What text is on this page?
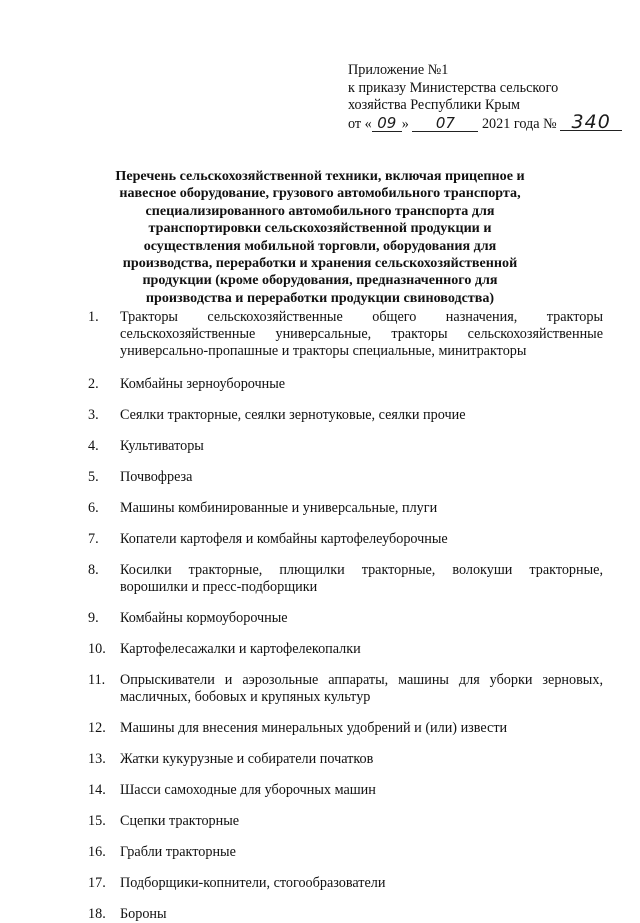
Приложение №1
к приказу Министерства сельского
хозяйства Республики Крым
от « 09 » 07 2021 года № 340
Перечень сельскохозяйственной техники, включая прицепное и навесное оборудование, грузового автомобильного транспорта, специализированного автомобильного транспорта для транспортировки сельскохозяйственной продукции и осуществления мобильной торговли, оборудования для производства, переработки и хранения сельскохозяйственной продукции (кроме оборудования, предназначенного для производства и переработки продукции свиноводства)
1.	Тракторы сельскохозяйственные общего назначения, тракторы сельскохозяйственные универсальные, тракторы сельскохозяйственные универсально-пропашные и тракторы специальные, минитракторы
2.	Комбайны зерноуборочные
3.	Сеялки тракторные, сеялки зернотуковые, сеялки прочие
4.	Культиваторы
5.	Почвофреза
6.	Машины комбинированные и универсальные, плуги
7.	Копатели картофеля и комбайны картофелеуборочные
8.	Косилки тракторные, плющилки тракторные, волокуши тракторные, ворошилки и пресс-подборщики
9.	Комбайны кормоуборочные
10.	Картофелесажалки и картофелекопалки
11.	Опрыскиватели и аэрозольные аппараты, машины для уборки зерновых, масличных, бобовых и крупяных культур
12.	Машины для внесения минеральных удобрений и (или) извести
13.	Жатки кукурузные и собиратели початков
14.	Шасси самоходные для уборочных машин
15.	Сцепки тракторные
16.	Грабли тракторные
17.	Подборщики-копнители, стогообразователи
18.	Бороны
